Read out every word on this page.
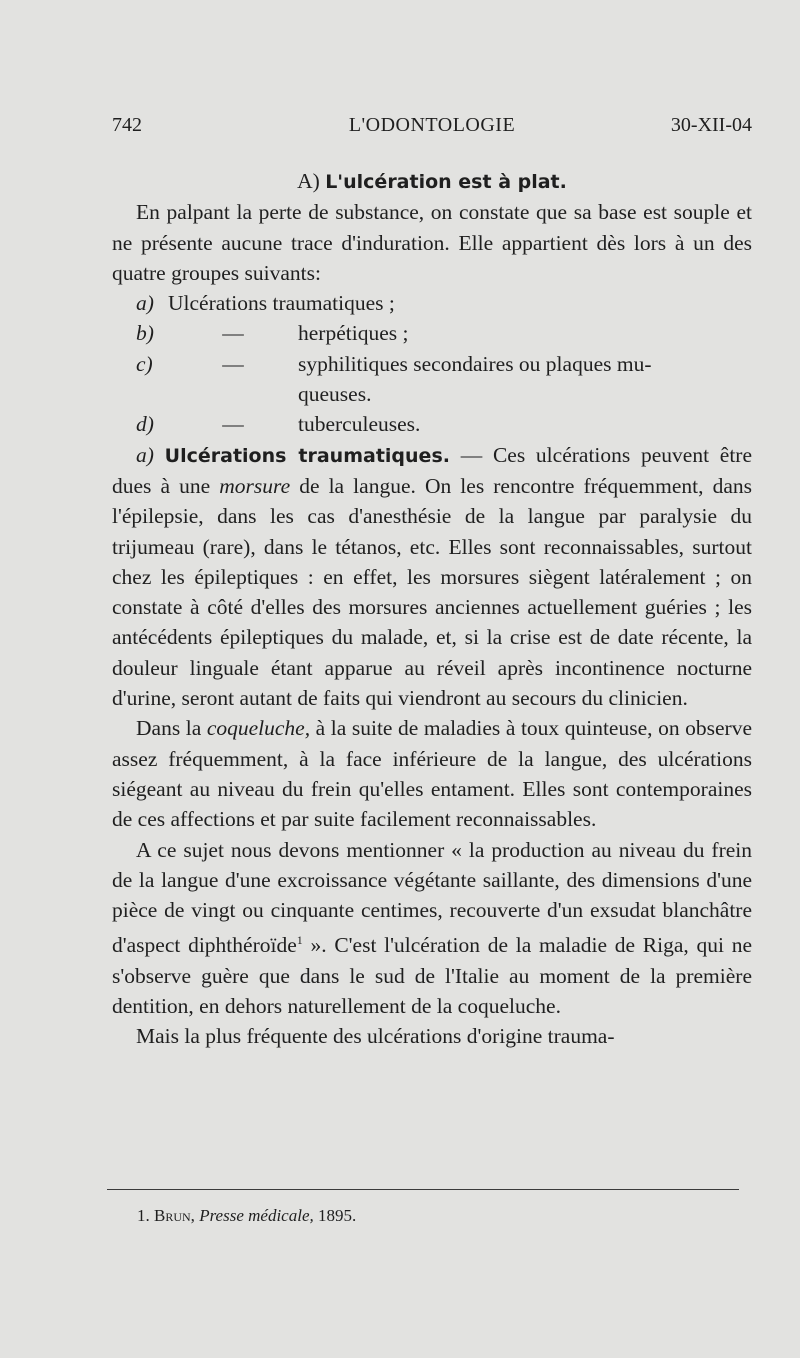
742	L'ODONTOLOGIE	30-XII-04

A) L'ulcération est à plat.

En palpant la perte de substance, on constate que sa base est souple et ne présente aucune trace d'induration. Elle appartient dès lors à un des quatre groupes suivants:

a) Ulcérations traumatiques ;
b)	—	herpétiques ;
c)	—	syphilitiques secondaires ou plaques mu-
queuses.
d)	—	tuberculeuses.

a) Ulcérations traumatiques. — Ces ulcérations peuvent être dues à une morsure de la langue. On les rencontre fréquemment, dans l'épilepsie, dans les cas d'anesthésie de la langue par paralysie du trijumeau (rare), dans le tétanos, etc. Elles sont reconnaissables, surtout chez les épileptiques : en effet, les morsures siègent latéralement ; on constate à côté d'elles des morsures anciennes actuellement guéries ; les antécédents épileptiques du malade, et, si la crise est de date récente, la douleur linguale étant apparue au réveil après incontinence nocturne d'urine, seront autant de faits qui viendront au secours du clinicien.

Dans la coqueluche, à la suite de maladies à toux quinteuse, on observe assez fréquemment, à la face inférieure de la langue, des ulcérations siégeant au niveau du frein qu'elles entament. Elles sont contemporaines de ces affections et par suite facilement reconnaissables.

A ce sujet nous devons mentionner « la production au niveau du frein de la langue d'une excroissance végétante saillante, des dimensions d'une pièce de vingt ou cinquante centimes, recouverte d'un exsudat blanchâtre d'aspect diphthéroïde$^1$ ». C'est l'ulcération de la maladie de Riga, qui ne s'observe guère que dans le sud de l'Italie au moment de la première dentition, en dehors naturellement de la coqueluche.

Mais la plus fréquente des ulcérations d'origine trauma-

1. Brun, Presse médicale, 1895.
